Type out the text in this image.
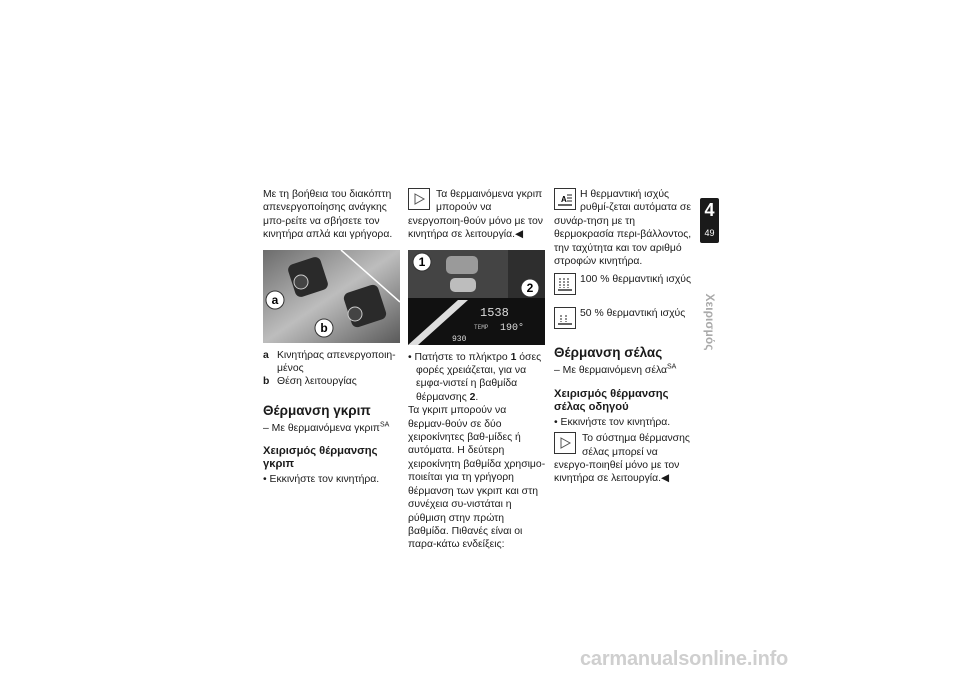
Με τη βοήθεια του διακόπτη απενεργοποίησης ανάγκης μπο-ρείτε να σβήσετε τον κινητήρα απλά και γρήγορα.

a
b
a Κινητήρας απενεργοποιη-μένος
b Θέση λειτουργίας
Θέρμανση γκριπ

– Με θερμαινόμενα γκριπ$^{SA}$

Χειρισμός θέρμανσης γκριπ

• Εκκινήστε τον κινητήρα.

Τα θερμαινόμενα γκριπ μπορούν να ενεργοποιη-θούν μόνο με τον κινητήρα σε λειτουργία.◀

1538
TEMP 190°
930
1
2

• Πατήστε το πλήκτρο 1 όσες φορές χρειάζεται, για να εμφα-νιστεί η βαθμίδα θέρμανσης 2.

Τα γκριπ μπορούν να θερμαν-θούν σε δύο χειροκίνητες βαθ-μίδες ή αυτόματα. Η δεύτερη χειροκίνητη βαθμίδα χρησιμο-ποιείται για τη γρήγορη θέρμανση των γκριπ και στη συνέχεια συ-νιστάται η ρύθμιση στην πρώτη βαθμίδα. Πιθανές είναι οι παρα-κάτω ενδείξεις:

A	Η θερμαντική ισχύς ρυθμί-ζεται αυτόματα σε συνάρ-τηση με τη θερμοκρασία περι-βάλλοντος, την ταχύτητα και τον αριθμό στροφών κινητήρα.

100 % θερμαντική ισχύς
50 % θερμαντική ισχύς
Θέρμανση σέλας

– Με θερμαινόμενη σέλα$^{SA}$

Χειρισμός θέρμανσης σέλας οδηγού

• Εκκινήστε τον κινητήρα.

Το σύστημα θέρμανσης σέλας μπορεί να ενεργο-ποιηθεί μόνο με τον κινητήρα σε λειτουργία.◀

4
49
Χειρισμός
carmanualsonline.info
